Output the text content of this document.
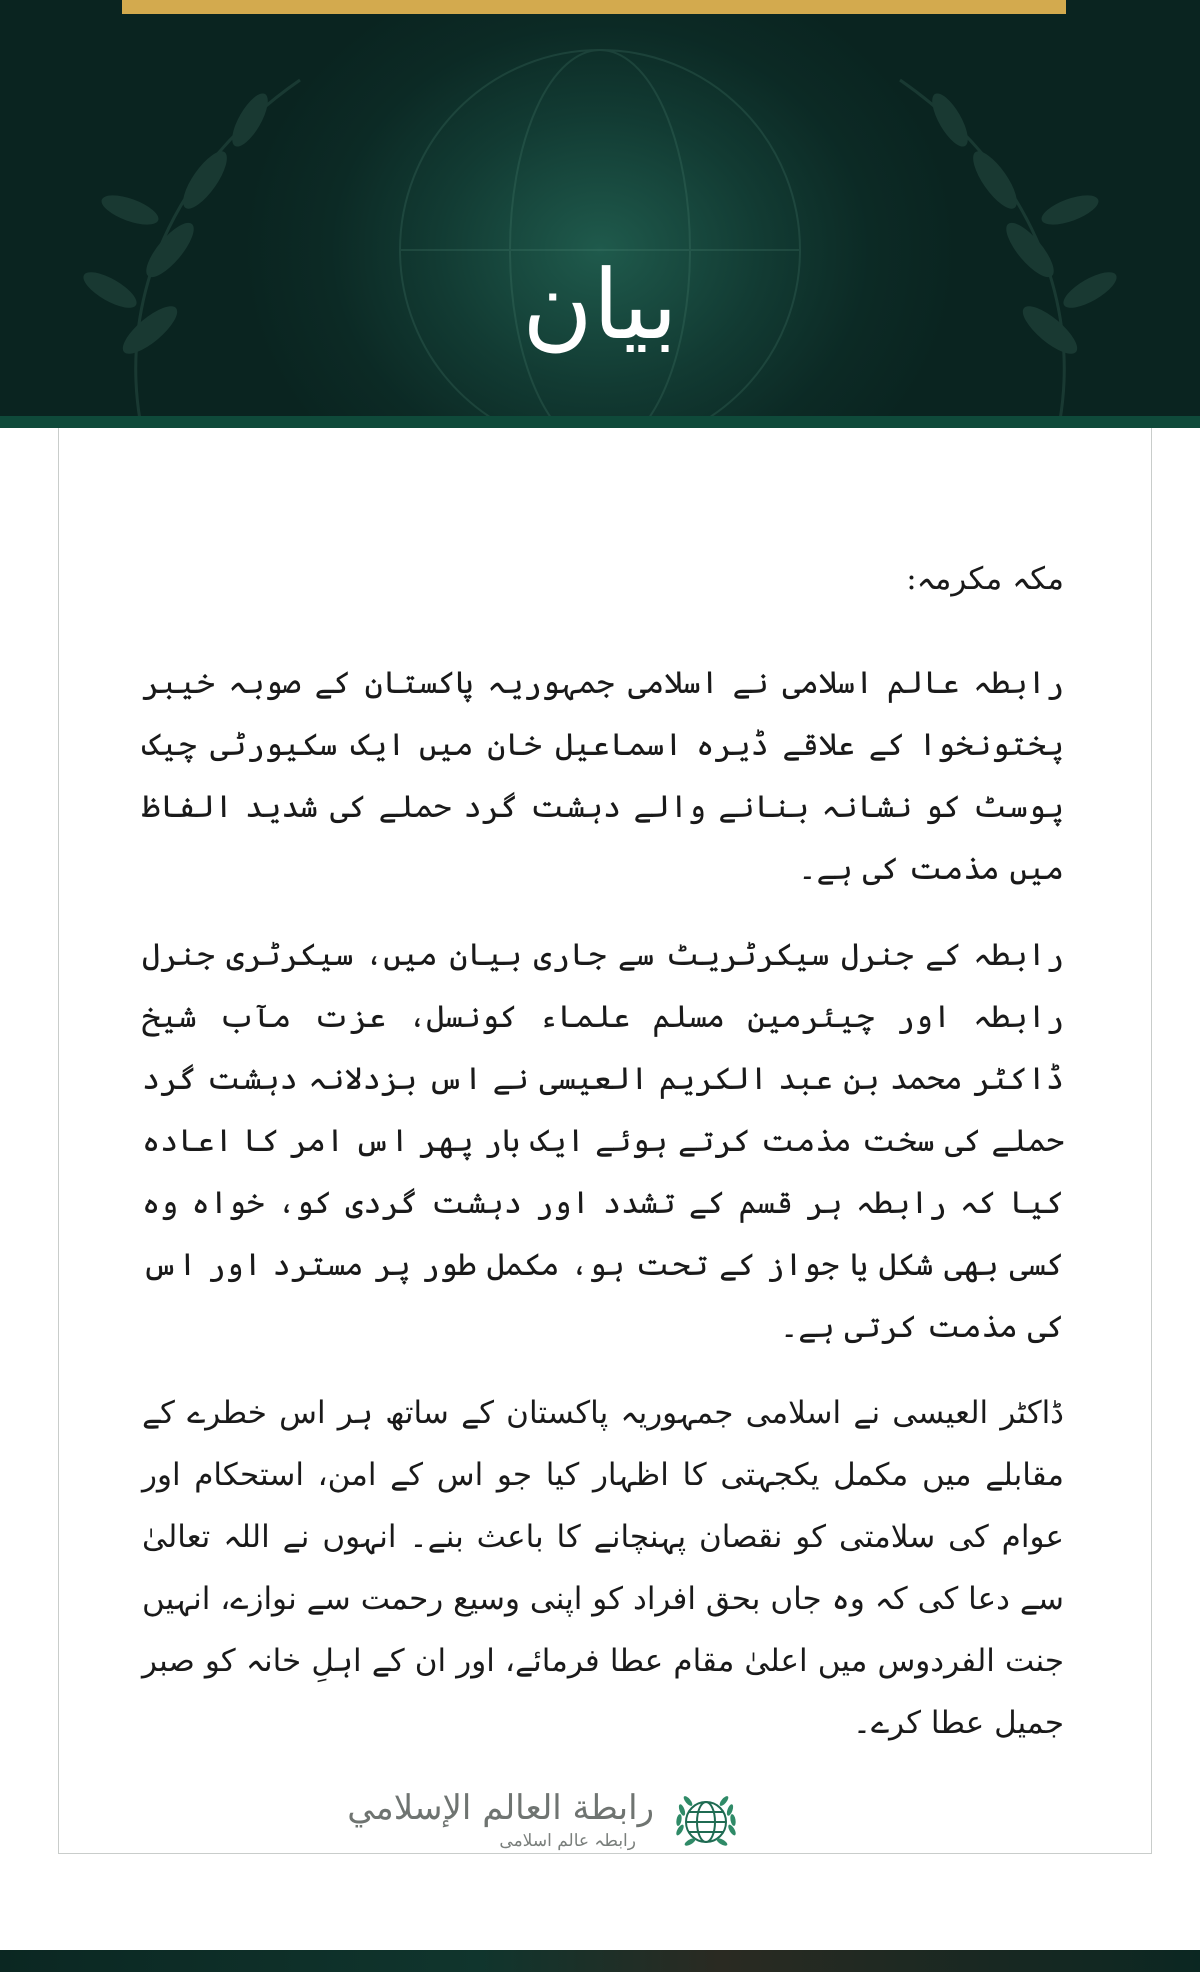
بیان

مکہ مکرمہ:

رابطہ عالم اسلامی نے اسلامی جمہوریہ پاکستان کے صوبہ خیبر پختونخوا کے علاقے ڈیرہ اسماعیل خان میں ایک سکیورٹی چیک پوسٹ کو نشانہ بنانے والے دہشت گرد حملے کی شدید الفاظ میں مذمت کی ہے۔

رابطہ کے جنرل سیکرٹریٹ سے جاری بیان میں، سیکرٹری جنرل رابطہ اور چیئرمین مسلم علماء کونسل، عزت مآب شیخ ڈاکٹر محمد بن عبد الکریم العیسی نے اس بزدلانہ دہشت گرد حملے کی سخت مذمت کرتے ہوئے ایک بار پھر اس امر کا اعادہ کیا کہ رابطہ ہر قسم کے تشدد اور دہشت گردی کو، خواہ وہ کسی بھی شکل یا جواز کے تحت ہو، مکمل طور پر مسترد اور اس کی مذمت کرتی ہے۔

ڈاکٹر العیسی نے اسلامی جمہوریہ پاکستان کے ساتھ ہر اس خطرے کے مقابلے میں مکمل یکجہتی کا اظہار کیا جو اس کے امن، استحکام اور عوام کی سلامتی کو نقصان پہنچانے کا باعث بنے۔ انہوں نے اللہ تعالیٰ سے دعا کی کہ وہ جاں بحق افراد کو اپنی وسیع رحمت سے نوازے، انہیں جنت الفردوس میں اعلیٰ مقام عطا فرمائے، اور ان کے اہلِ خانہ کو صبر جمیل عطا کرے۔

رابطة العالم الإسلامي
رابطہ عالم اسلامی
